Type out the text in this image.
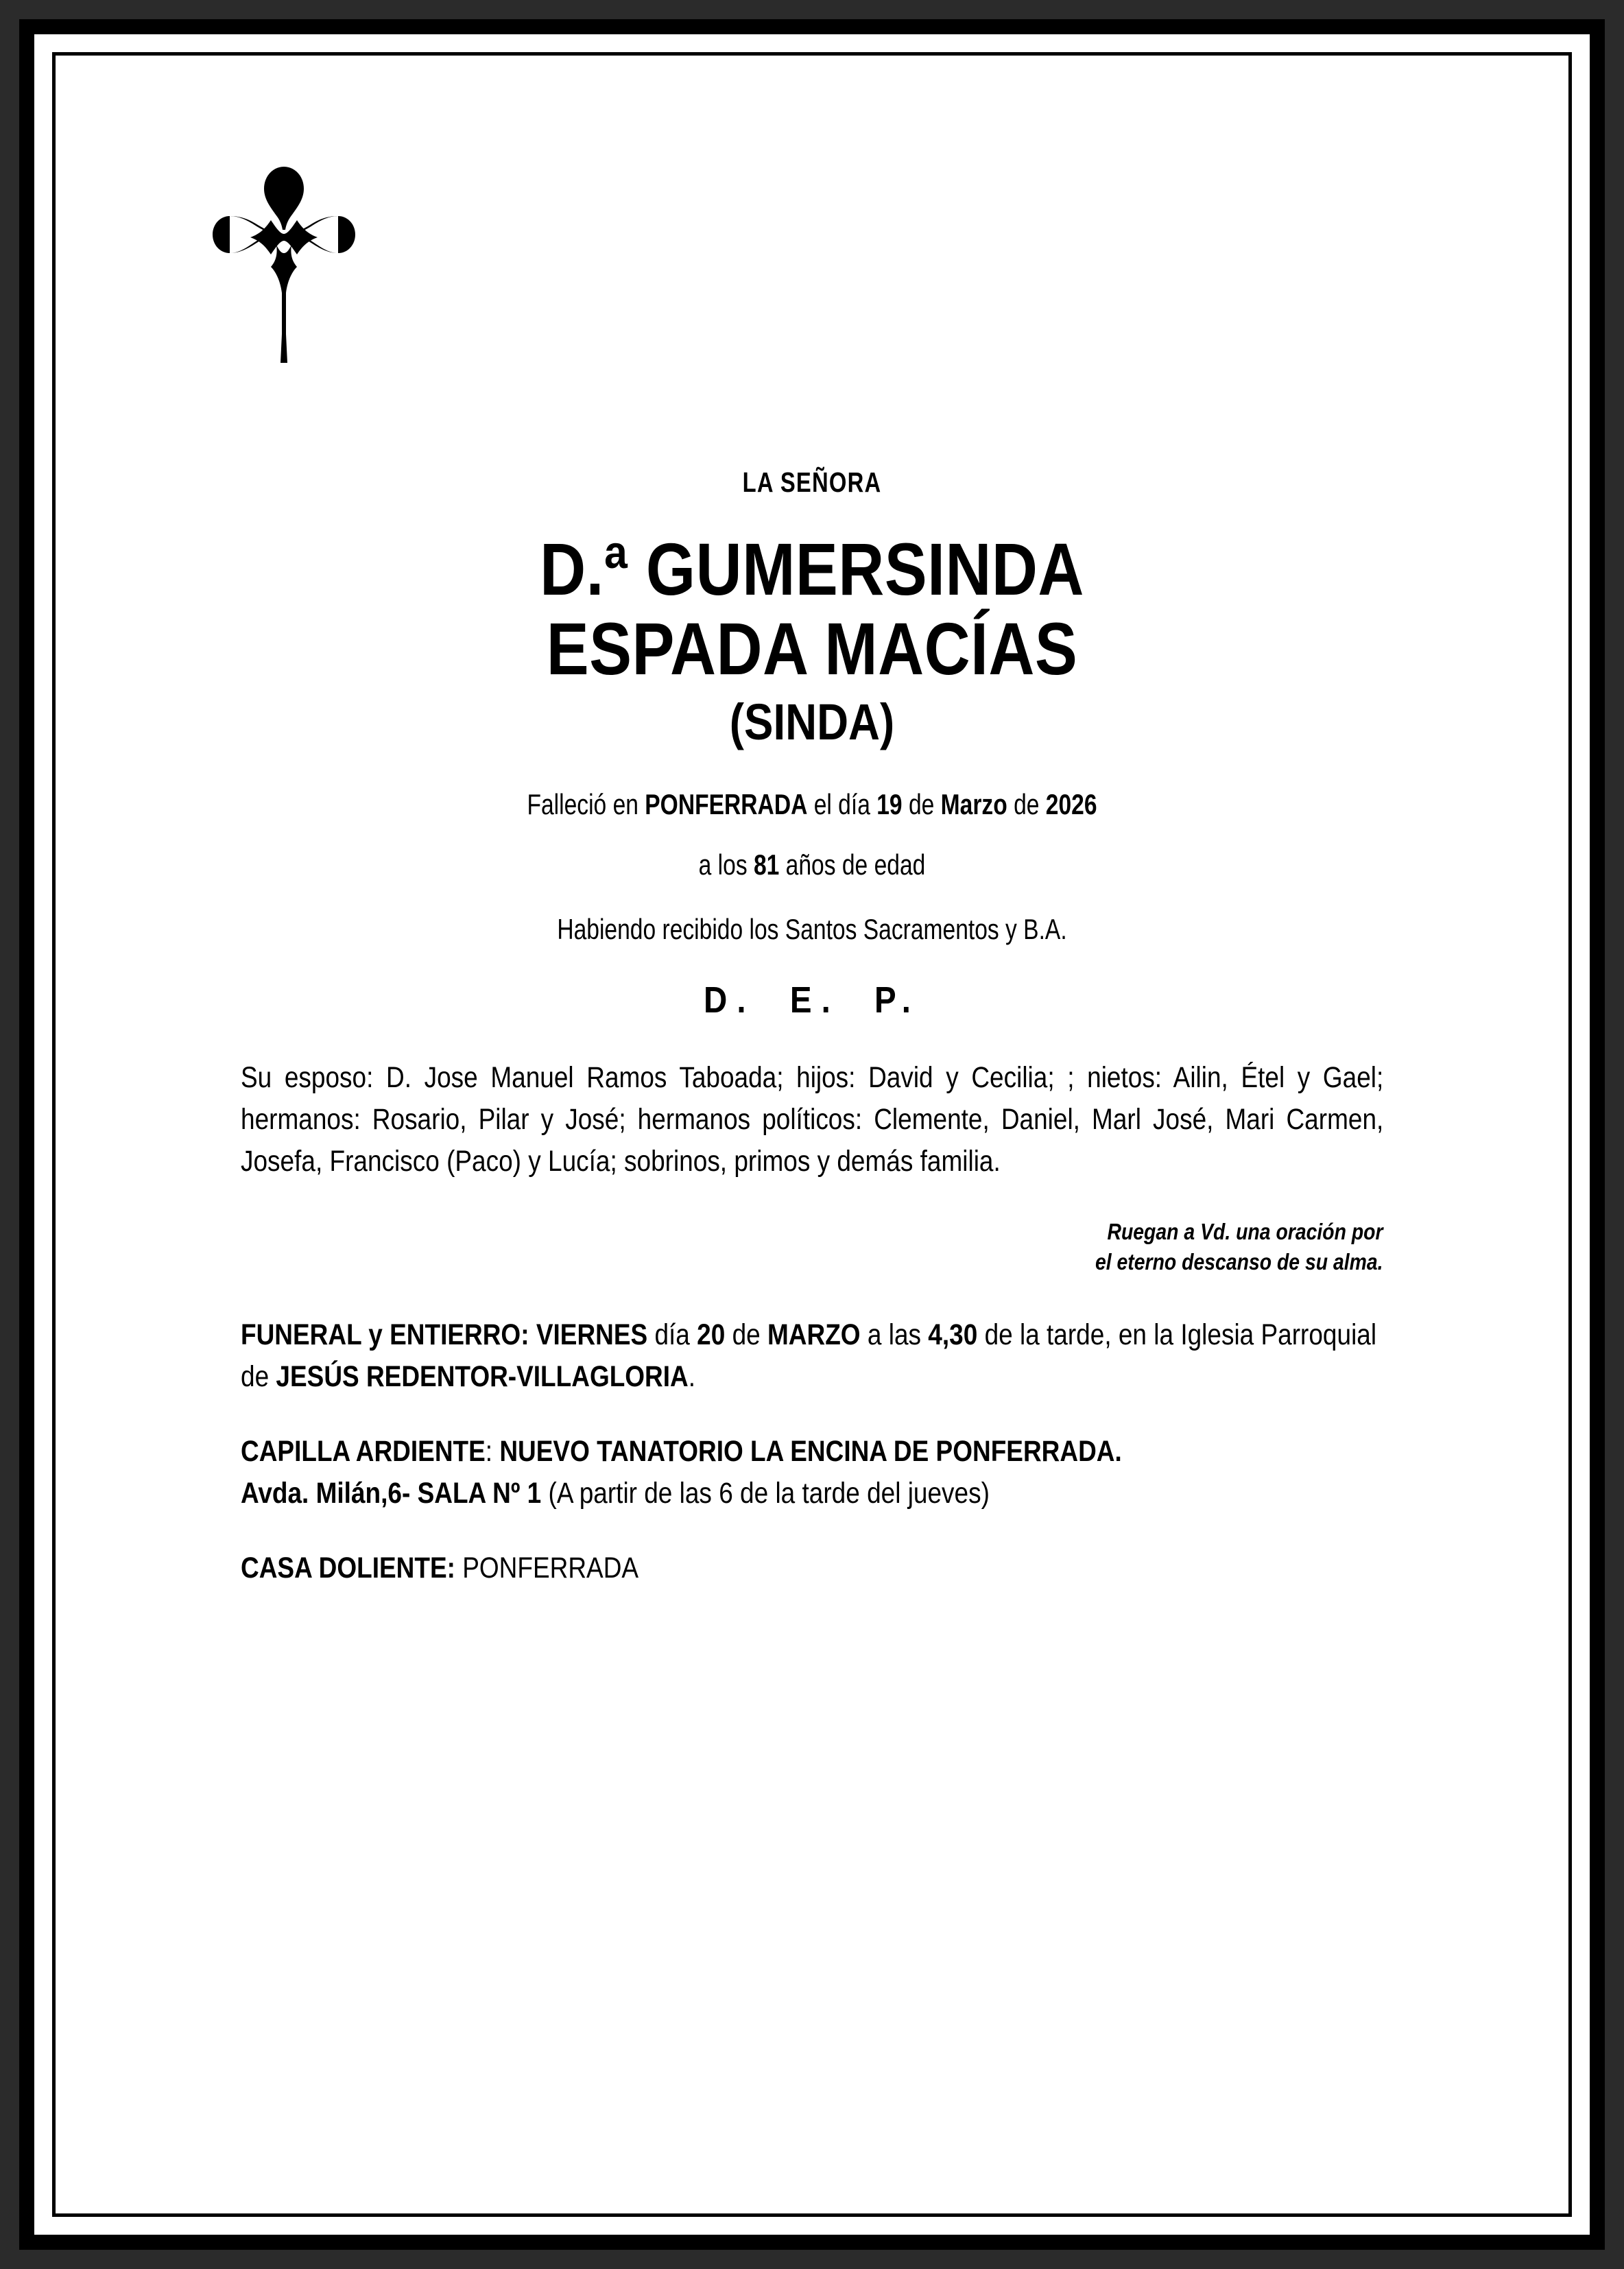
LA SEÑORA
D.ª GUMERSINDA
ESPADA MACÍAS
(SINDA)
Falleció en PONFERRADA el día 19 de Marzo de 2026
a los 81 años de edad
Habiendo recibido los Santos Sacramentos y B.A.
D. E. P.
Su esposo: D. Jose Manuel Ramos Taboada; hijos: David y Cecilia; ; nietos: Ailin, Étel y Gael; hermanos: Rosario, Pilar y José; hermanos políticos: Clemente, Daniel, Marl José, Mari Carmen, Josefa, Francisco (Paco) y Lucía; sobrinos, primos y demás familia.
Ruegan a Vd. una oración por
el eterno descanso de su alma.
FUNERAL y ENTIERRO: VIERNES día 20 de MARZO a las 4,30 de la tarde, en la Iglesia Parroquial de JESÚS REDENTOR-VILLAGLORIA.
CAPILLA ARDIENTE: NUEVO TANATORIO LA ENCINA DE PONFERRADA.
Avda. Milán,6- SALA Nº 1 (A partir de las 6 de la tarde del jueves)
CASA DOLIENTE: PONFERRADA
